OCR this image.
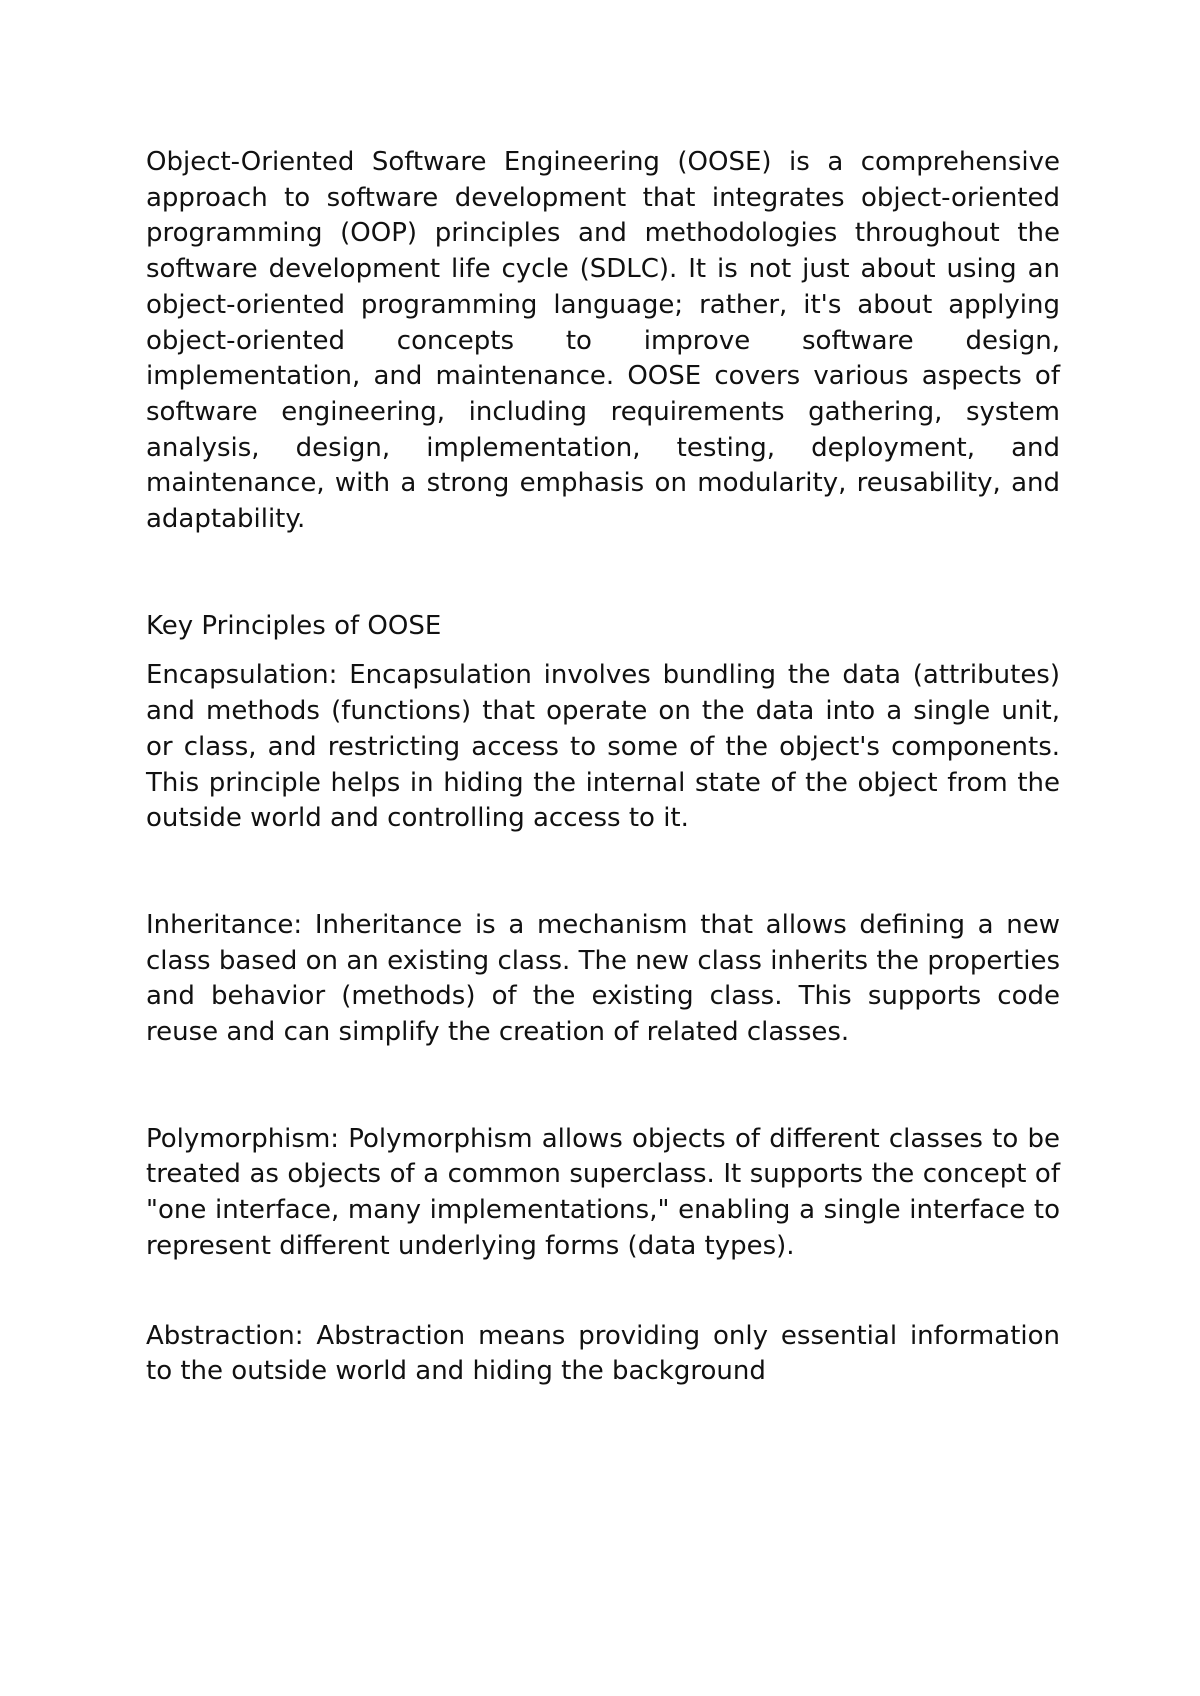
Object-Oriented Software Engineering (OOSE) is a comprehensive approach to software development that integrates object-oriented programming (OOP) principles and methodologies throughout the software development life cycle (SDLC). It is not just about using an object-oriented programming language; rather, it's about applying object-oriented concepts to improve software design, implementation, and maintenance. OOSE covers various aspects of software engineering, including requirements gathering, system analysis, design, implementation, testing, deployment, and maintenance, with a strong emphasis on modularity, reusability, and adaptability.

Key Principles of OOSE

Encapsulation: Encapsulation involves bundling the data (attributes) and methods (functions) that operate on the data into a single unit, or class, and restricting access to some of the object's components. This principle helps in hiding the internal state of the object from the outside world and controlling access to it.

Inheritance: Inheritance is a mechanism that allows defining a new class based on an existing class. The new class inherits the properties and behavior (methods) of the existing class. This supports code reuse and can simplify the creation of related classes.

Polymorphism: Polymorphism allows objects of different classes to be treated as objects of a common superclass. It supports the concept of "one interface, many implementations," enabling a single interface to represent different underlying forms (data types).

Abstraction: Abstraction means providing only essential information to the outside world and hiding the background
